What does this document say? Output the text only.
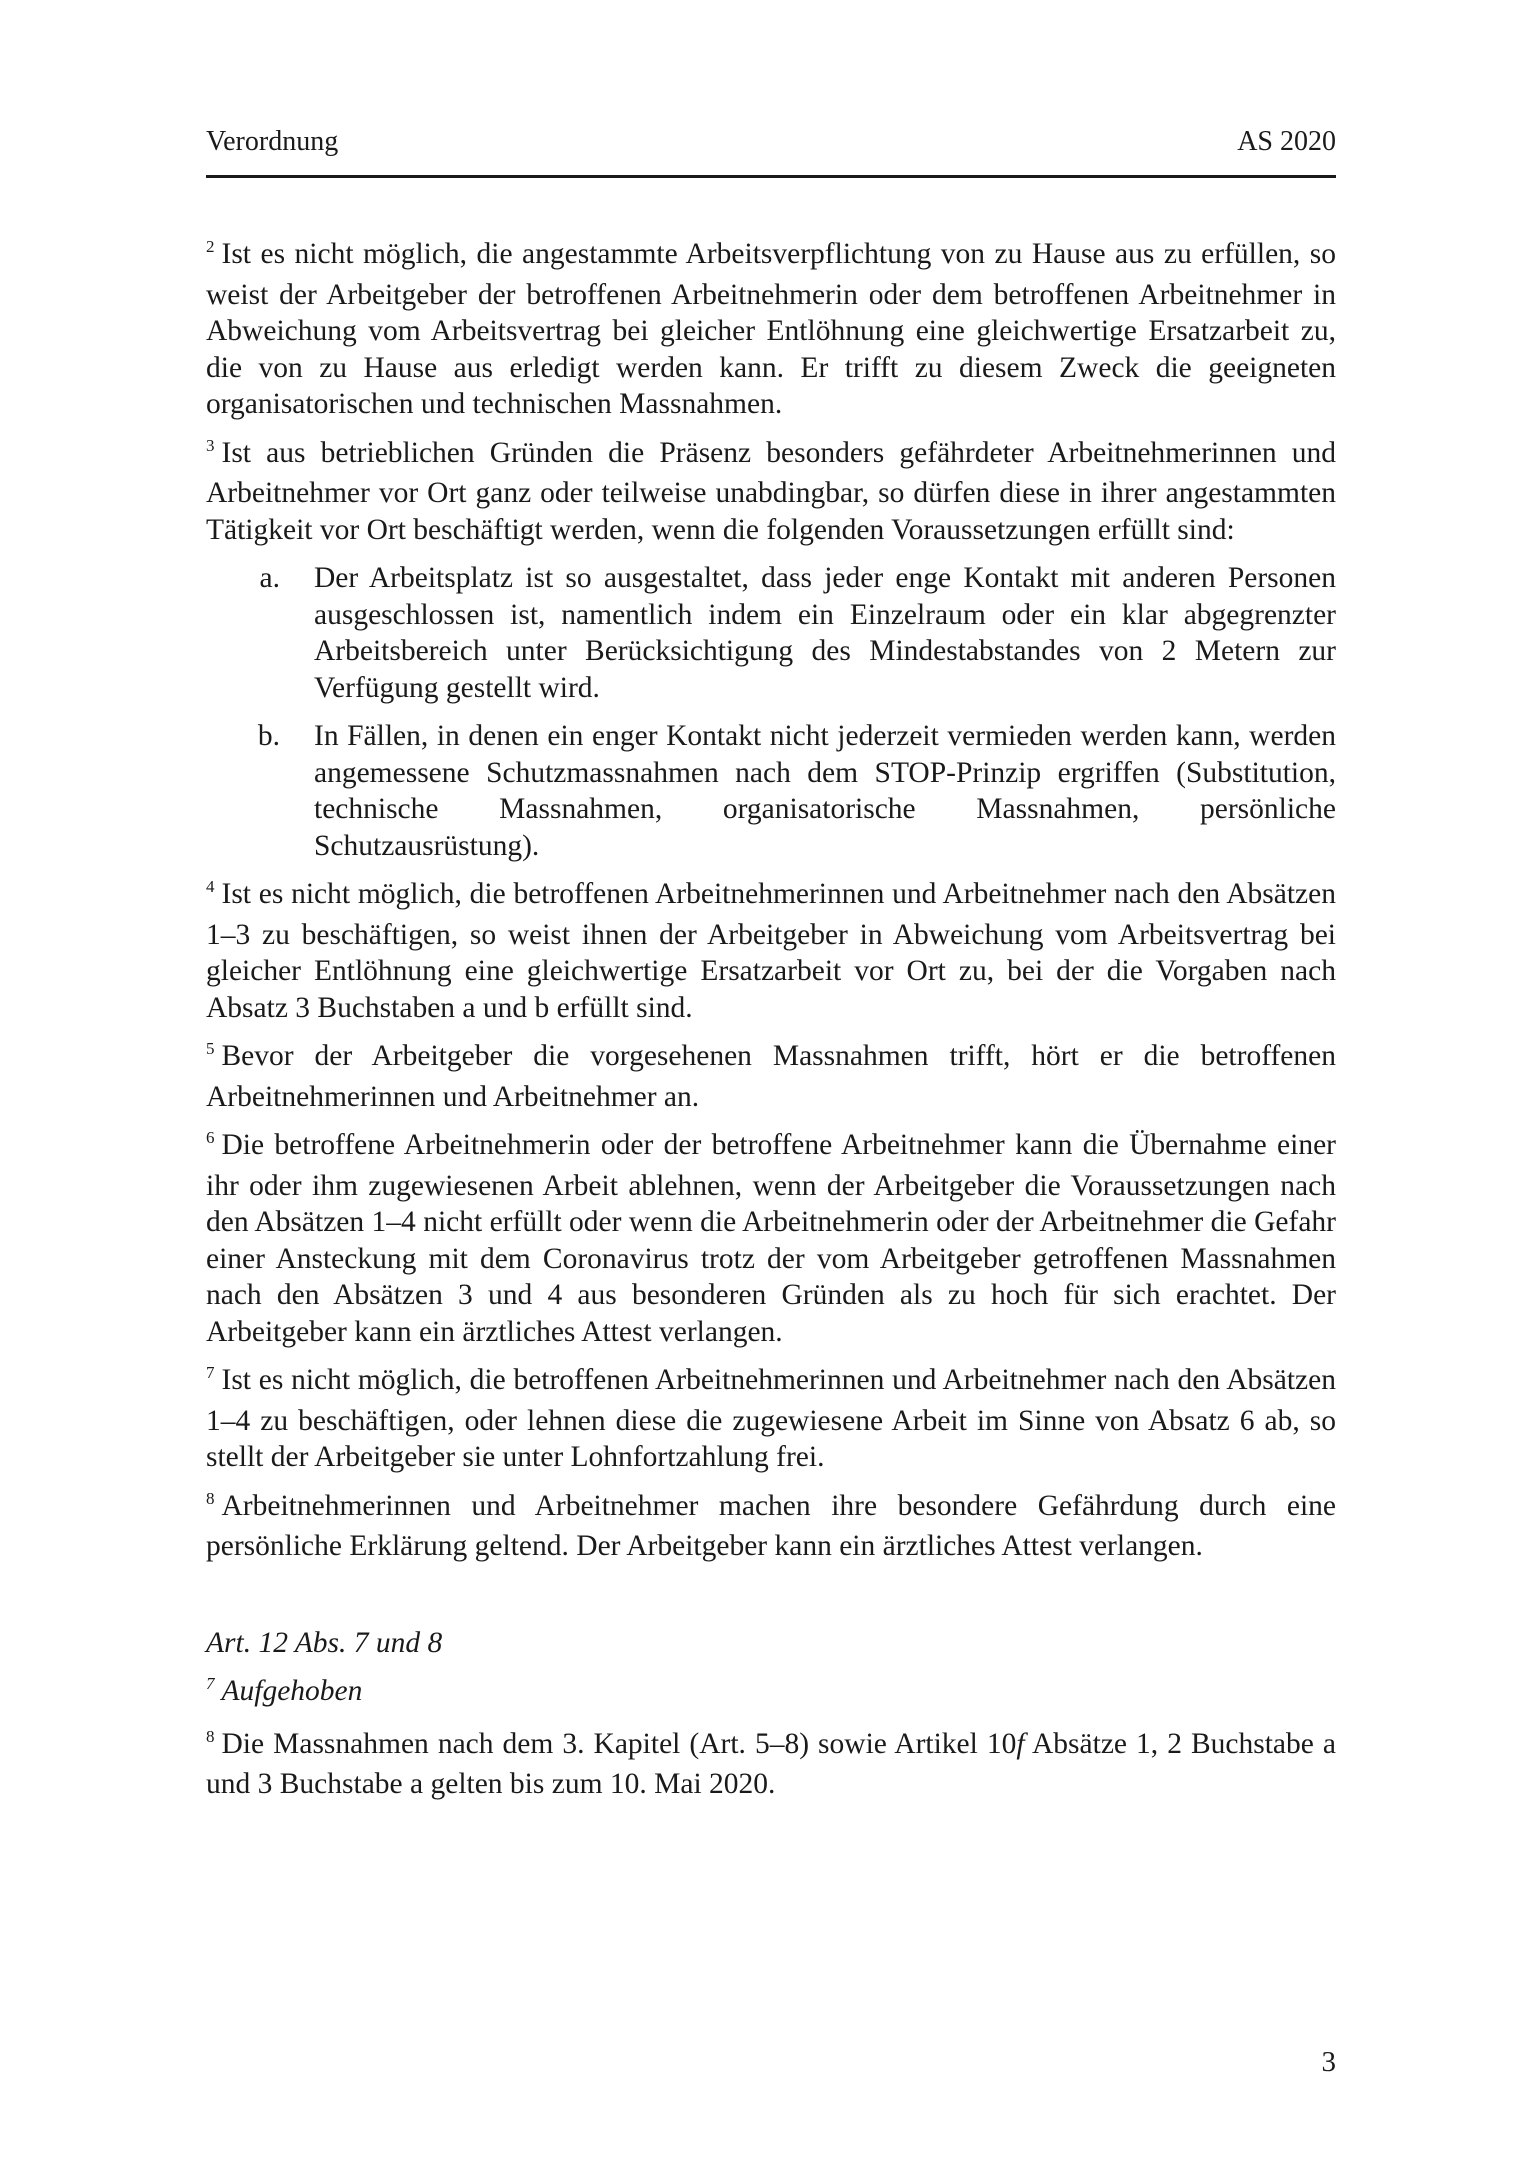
Verordnung	AS 2020

$^2$ Ist es nicht möglich, die angestammte Arbeitsverpflichtung von zu Hause aus zu erfüllen, so weist der Arbeitgeber der betroffenen Arbeitnehmerin oder dem betroffenen Arbeitnehmer in Abweichung vom Arbeitsvertrag bei gleicher Entlöhnung eine gleichwertige Ersatzarbeit zu, die von zu Hause aus erledigt werden kann. Er trifft zu diesem Zweck die geeigneten organisatorischen und technischen Massnahmen.

$^3$ Ist aus betrieblichen Gründen die Präsenz besonders gefährdeter Arbeitnehmerinnen und Arbeitnehmer vor Ort ganz oder teilweise unabdingbar, so dürfen diese in ihrer angestammten Tätigkeit vor Ort beschäftigt werden, wenn die folgenden Voraussetzungen erfüllt sind:

a.	Der Arbeitsplatz ist so ausgestaltet, dass jeder enge Kontakt mit anderen Personen ausgeschlossen ist, namentlich indem ein Einzelraum oder ein klar abgegrenzter Arbeitsbereich unter Berücksichtigung des Mindestabstandes von 2 Metern zur Verfügung gestellt wird.
b.	In Fällen, in denen ein enger Kontakt nicht jederzeit vermieden werden kann, werden angemessene Schutzmassnahmen nach dem STOP-Prinzip ergriffen (Substitution, technische Massnahmen, organisatorische Massnahmen, persönliche Schutzausrüstung).

$^4$ Ist es nicht möglich, die betroffenen Arbeitnehmerinnen und Arbeitnehmer nach den Absätzen 1–3 zu beschäftigen, so weist ihnen der Arbeitgeber in Abweichung vom Arbeitsvertrag bei gleicher Entlöhnung eine gleichwertige Ersatzarbeit vor Ort zu, bei der die Vorgaben nach Absatz 3 Buchstaben a und b erfüllt sind.

$^5$ Bevor der Arbeitgeber die vorgesehenen Massnahmen trifft, hört er die betroffenen Arbeitnehmerinnen und Arbeitnehmer an.

$^6$ Die betroffene Arbeitnehmerin oder der betroffene Arbeitnehmer kann die Übernahme einer ihr oder ihm zugewiesenen Arbeit ablehnen, wenn der Arbeitgeber die Voraussetzungen nach den Absätzen 1–4 nicht erfüllt oder wenn die Arbeitnehmerin oder der Arbeitnehmer die Gefahr einer Ansteckung mit dem Coronavirus trotz der vom Arbeitgeber getroffenen Massnahmen nach den Absätzen 3 und 4 aus besonderen Gründen als zu hoch für sich erachtet. Der Arbeitgeber kann ein ärztliches Attest verlangen.

$^7$ Ist es nicht möglich, die betroffenen Arbeitnehmerinnen und Arbeitnehmer nach den Absätzen 1–4 zu beschäftigen, oder lehnen diese die zugewiesene Arbeit im Sinne von Absatz 6 ab, so stellt der Arbeitgeber sie unter Lohnfortzahlung frei.

$^8$ Arbeitnehmerinnen und Arbeitnehmer machen ihre besondere Gefährdung durch eine persönliche Erklärung geltend. Der Arbeitgeber kann ein ärztliches Attest verlangen.

Art. 12 Abs. 7 und 8

$^7$ Aufgehoben

$^8$ Die Massnahmen nach dem 3. Kapitel (Art. 5–8) sowie Artikel 10f Absätze 1, 2 Buchstabe a und 3 Buchstabe a gelten bis zum 10. Mai 2020.

3
